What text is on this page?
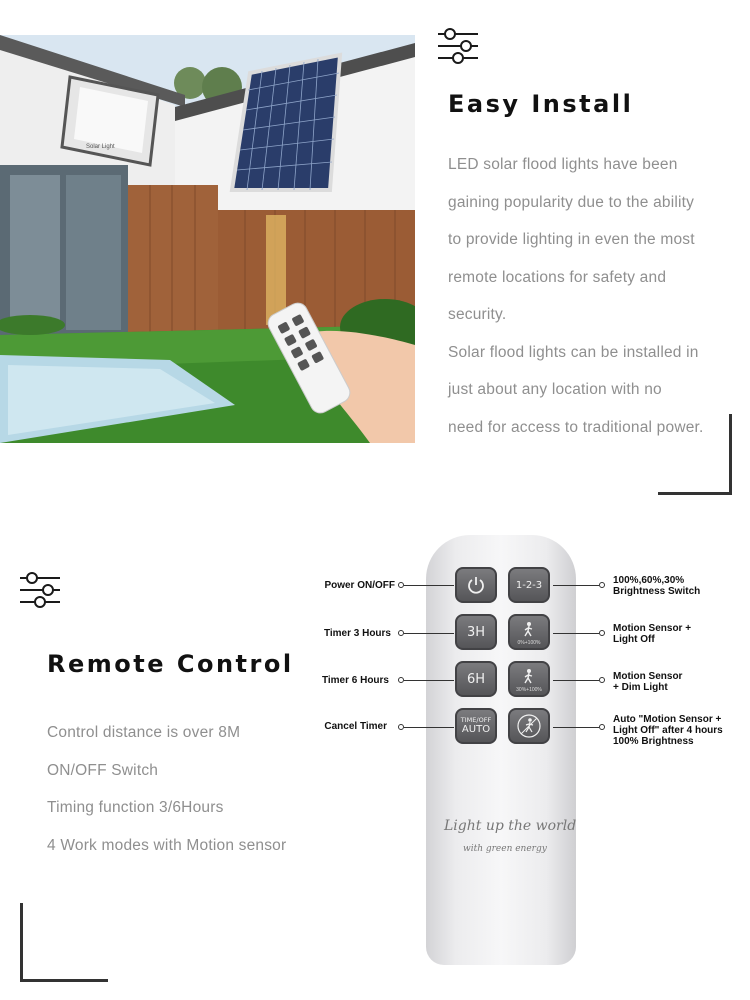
Solar Light
Easy Install
LED solar flood lights have been
gaining popularity due to the ability
to provide lighting in even the most
remote locations for safety and
security.
Solar flood lights can be installed in
just about any location with no
need for access to traditional power.
Remote Control
Control distance is over 8M
ON/OFF Switch
Timing function 3/6Hours
4 Work modes with Motion sensor
1-2-3
3H
0%+100%
6H
30%+100%
TIME/OFF
AUTO
Light up the world
with green energy
Power ON/OFF
Timer 3 Hours
Timer 6 Hours
Cancel Timer
100%,60%,30%
Brightness Switch
Motion Sensor +
Light Off
Motion Sensor
+ Dim Light
Auto "Motion Sensor +
Light Off" after 4 hours
100% Brightness
